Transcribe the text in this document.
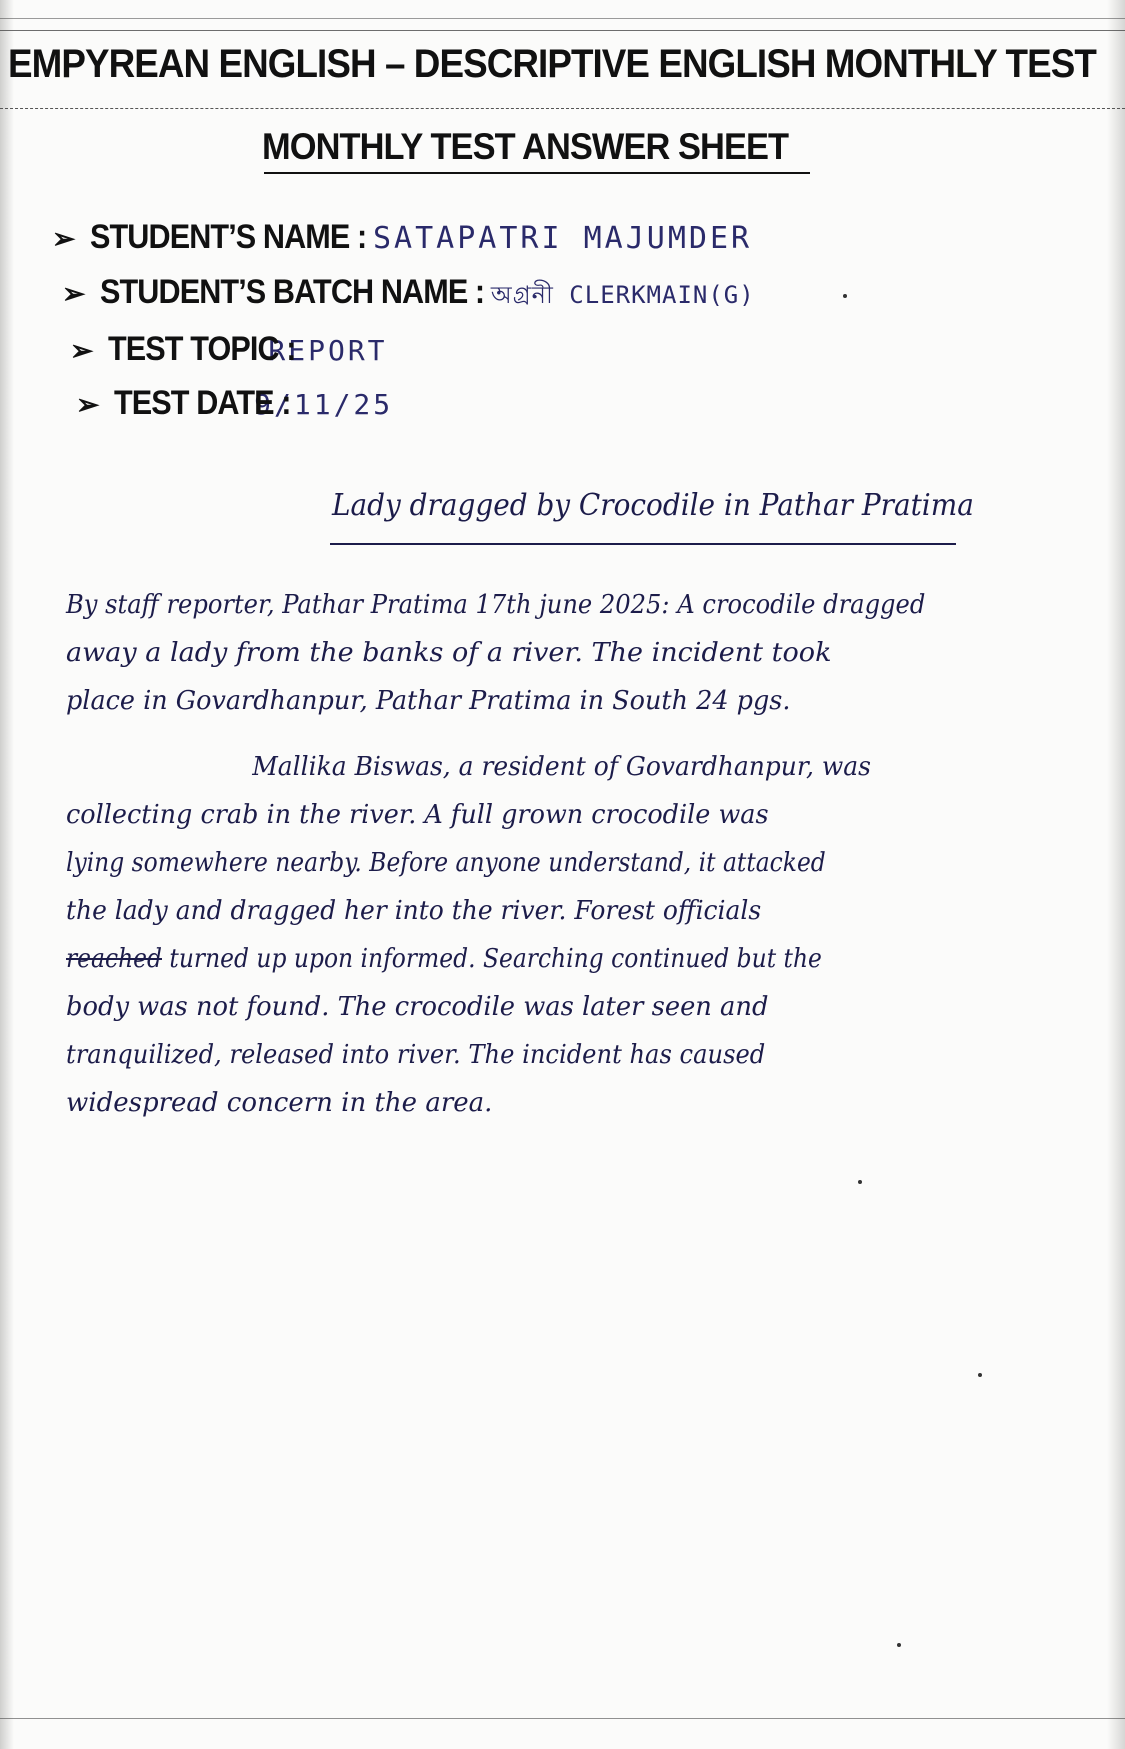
EMPYREAN ENGLISH – DESCRIPTIVE ENGLISH MONTHLY TEST
MONTHLY TEST ANSWER SHEET
➢ STUDENT’S NAME : SATAPATRI MAJUMDER
➢ STUDENT’S BATCH NAME : অগ্রনী CLERKMAIN(G)
➢ TEST TOPIC :
REPORT
➢ TEST DATE :
9/11/25
Lady dragged by Crocodile in Pathar Pratima
By staff reporter, Pathar Pratima 17th june 2025: A crocodile dragged
away a lady from the banks of a river. The incident took
place in Govardhanpur, Pathar Pratima in South 24 pgs.
Mallika Biswas, a resident of Govardhanpur, was
collecting crab in the river. A full grown crocodile was
lying somewhere nearby. Before anyone understand, it attacked
the lady and dragged her into the river. Forest officials
reached turned up upon informed. Searching continued but the
body was not found. The crocodile was later seen and
tranquilized, released into river. The incident has caused
widespread concern in the area.
